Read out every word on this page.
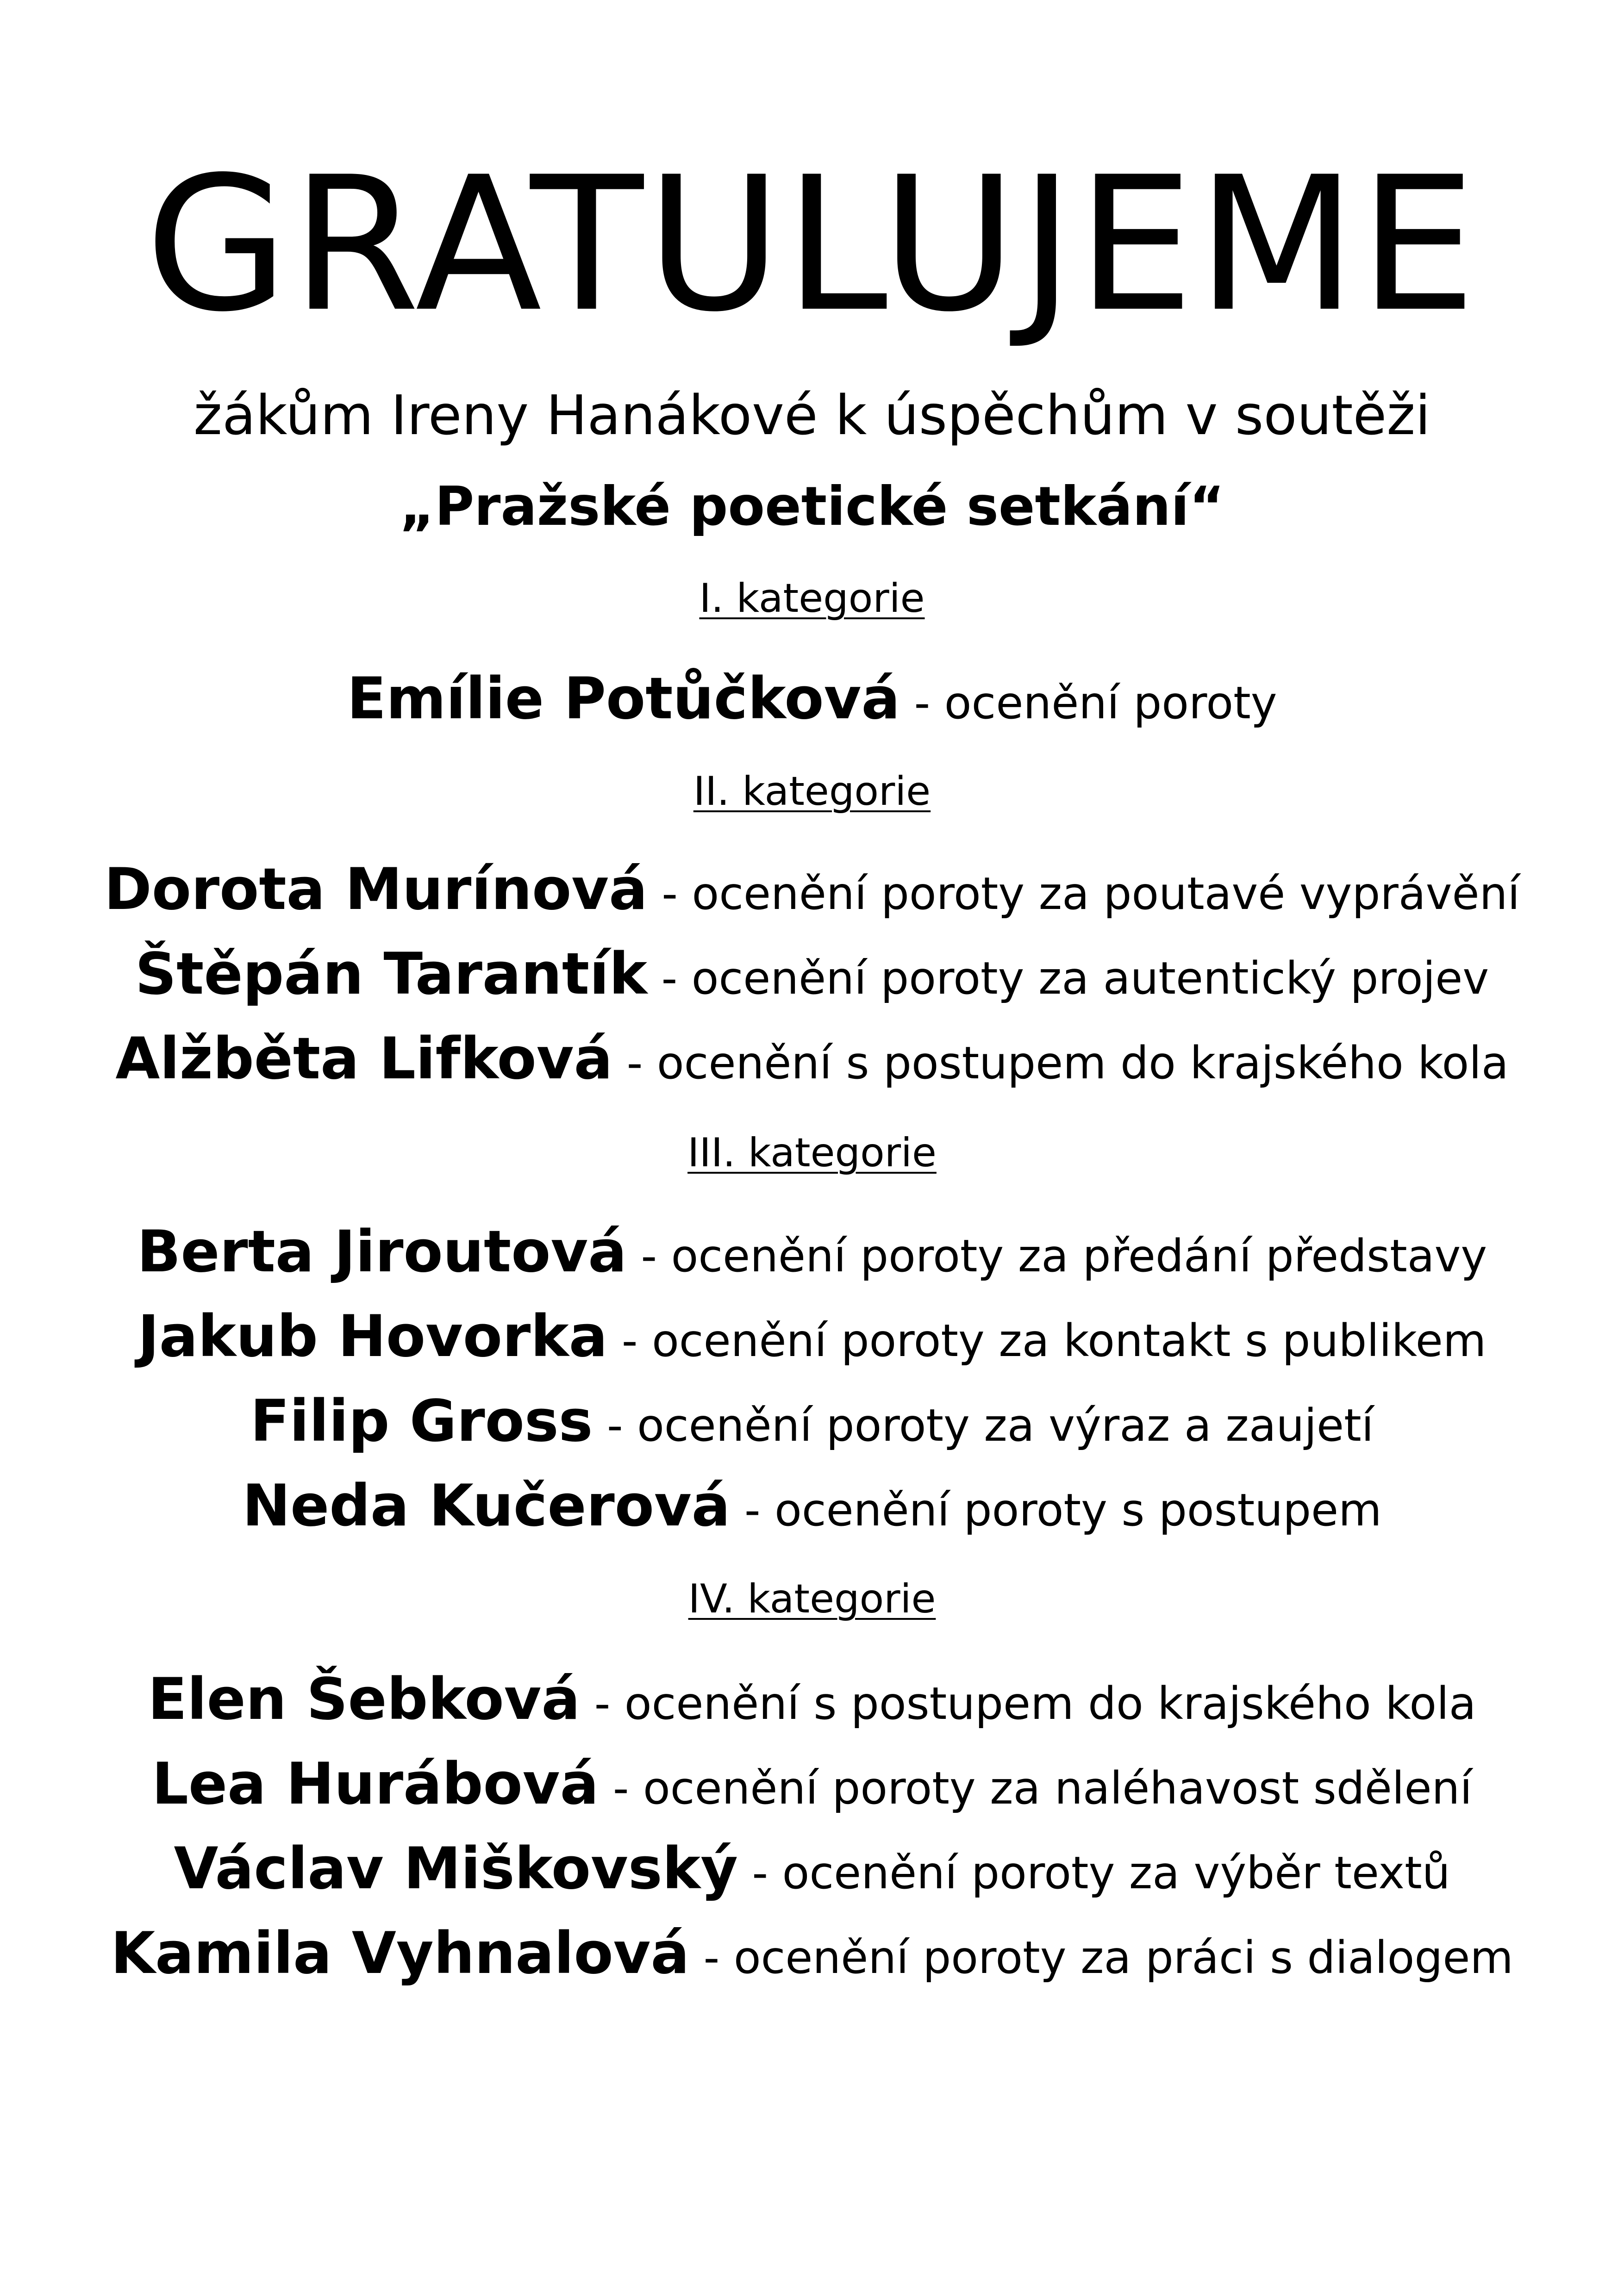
GRATULUJEME
žákům Ireny Hanákové k úspěchům v soutěži
„Pražské poetické setkání“
I. kategorie
Emílie Potůčková - ocenění poroty
II. kategorie
Dorota Murínová - ocenění poroty za poutavé vyprávění
Štěpán Tarantík - ocenění poroty za autentický projev
Alžběta Lifková - ocenění s postupem do krajského kola
III. kategorie
Berta Jiroutová - ocenění poroty za předání představy
Jakub Hovorka - ocenění poroty za kontakt s publikem
Filip Gross - ocenění poroty za výraz a zaujetí
Neda Kučerová - ocenění poroty s postupem
IV. kategorie
Elen Šebková - ocenění s postupem do krajského kola
Lea Hurábová - ocenění poroty za naléhavost sdělení
Václav Miškovský - ocenění poroty za výběr textů
Kamila Vyhnalová - ocenění poroty za práci s dialogem
